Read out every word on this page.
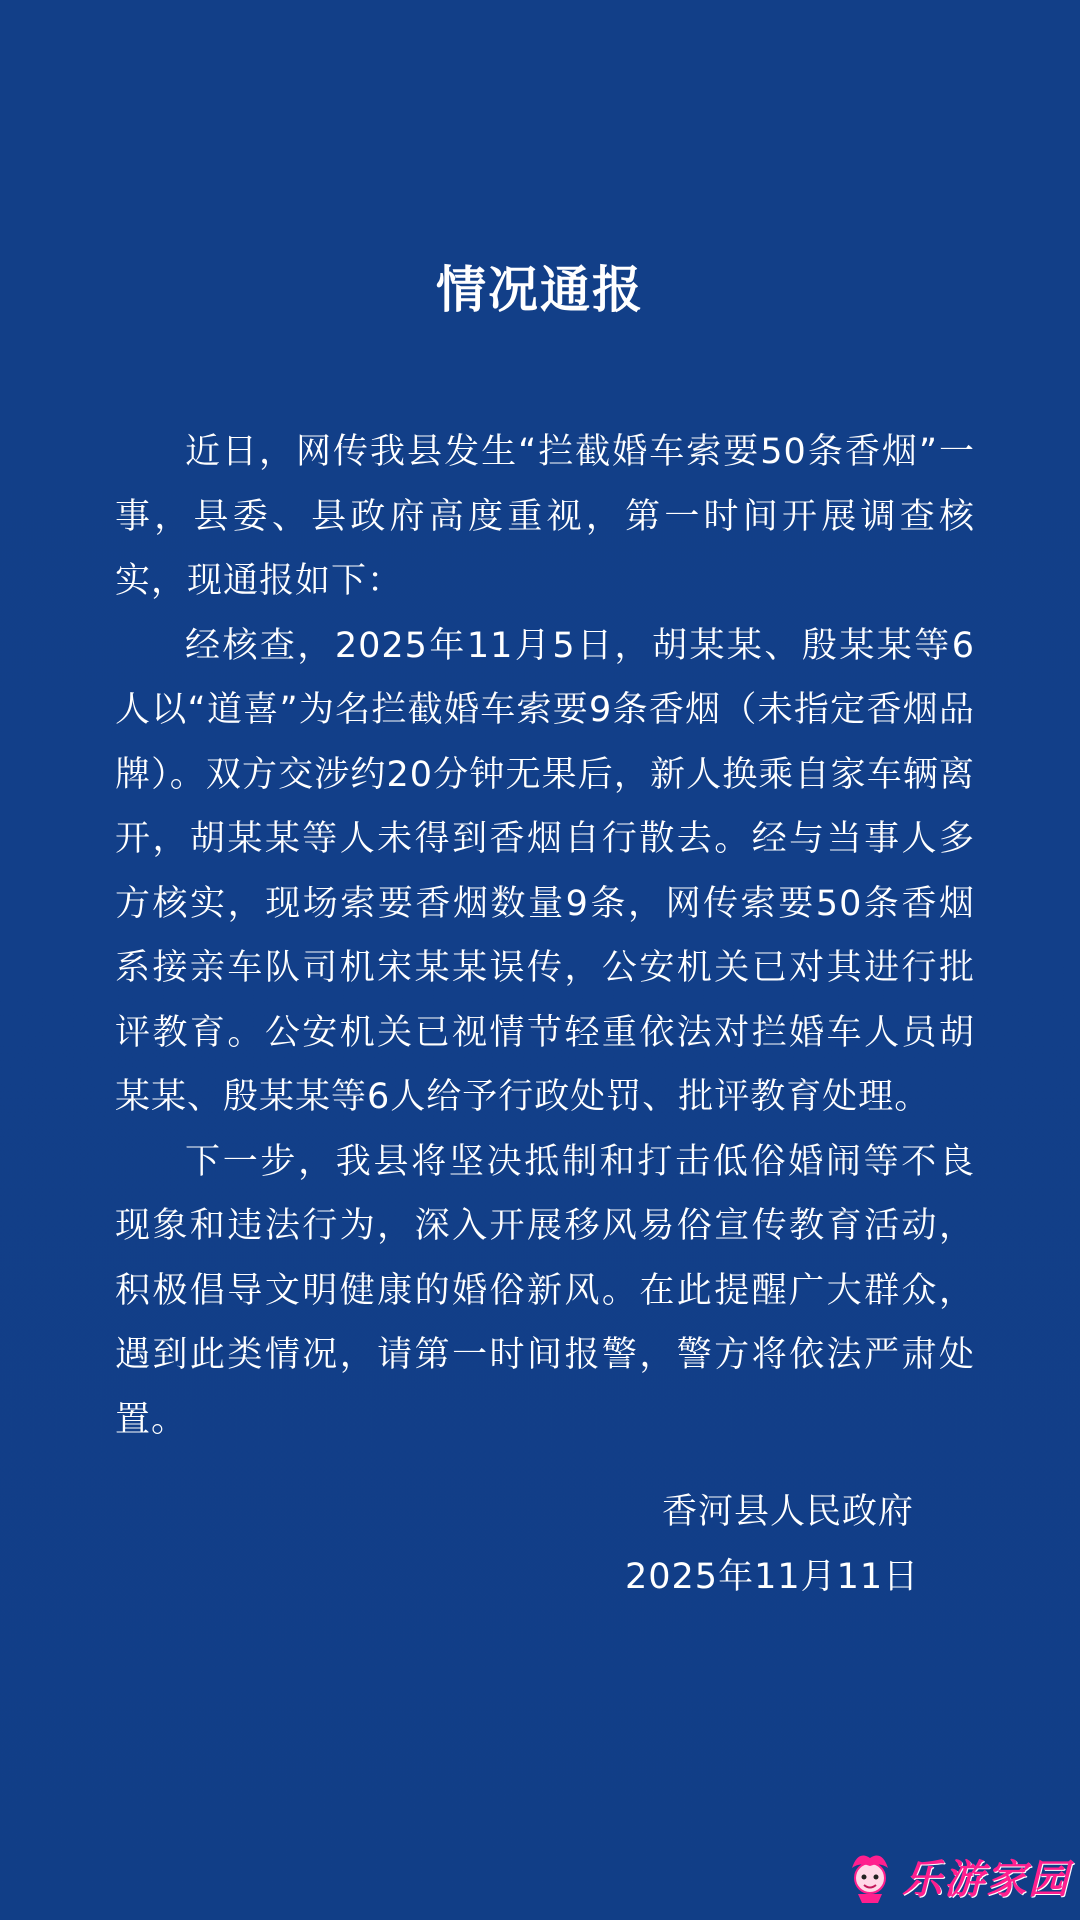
情况通报

近日，网传我县发生“拦截婚车索要50条香烟”一事，县委、县政府高度重视，第一时间开展调查核实，现通报如下：

经核查，2025年11月5日，胡某某、殷某某等6人以“道喜”为名拦截婚车索要9条香烟（未指定香烟品牌）。双方交涉约20分钟无果后，新人换乘自家车辆离开，胡某某等人未得到香烟自行散去。经与当事人多方核实，现场索要香烟数量9条，网传索要50条香烟系接亲车队司机宋某某误传，公安机关已对其进行批评教育。公安机关已视情节轻重依法对拦婚车人员胡某某、殷某某等6人给予行政处罚、批评教育处理。

下一步，我县将坚决抵制和打击低俗婚闹等不良现象和违法行为，深入开展移风易俗宣传教育活动，积极倡导文明健康的婚俗新风。在此提醒广大群众，遇到此类情况，请第一时间报警，警方将依法严肃处置。

香河县人民政府
2025年11月11日
乐游家园
